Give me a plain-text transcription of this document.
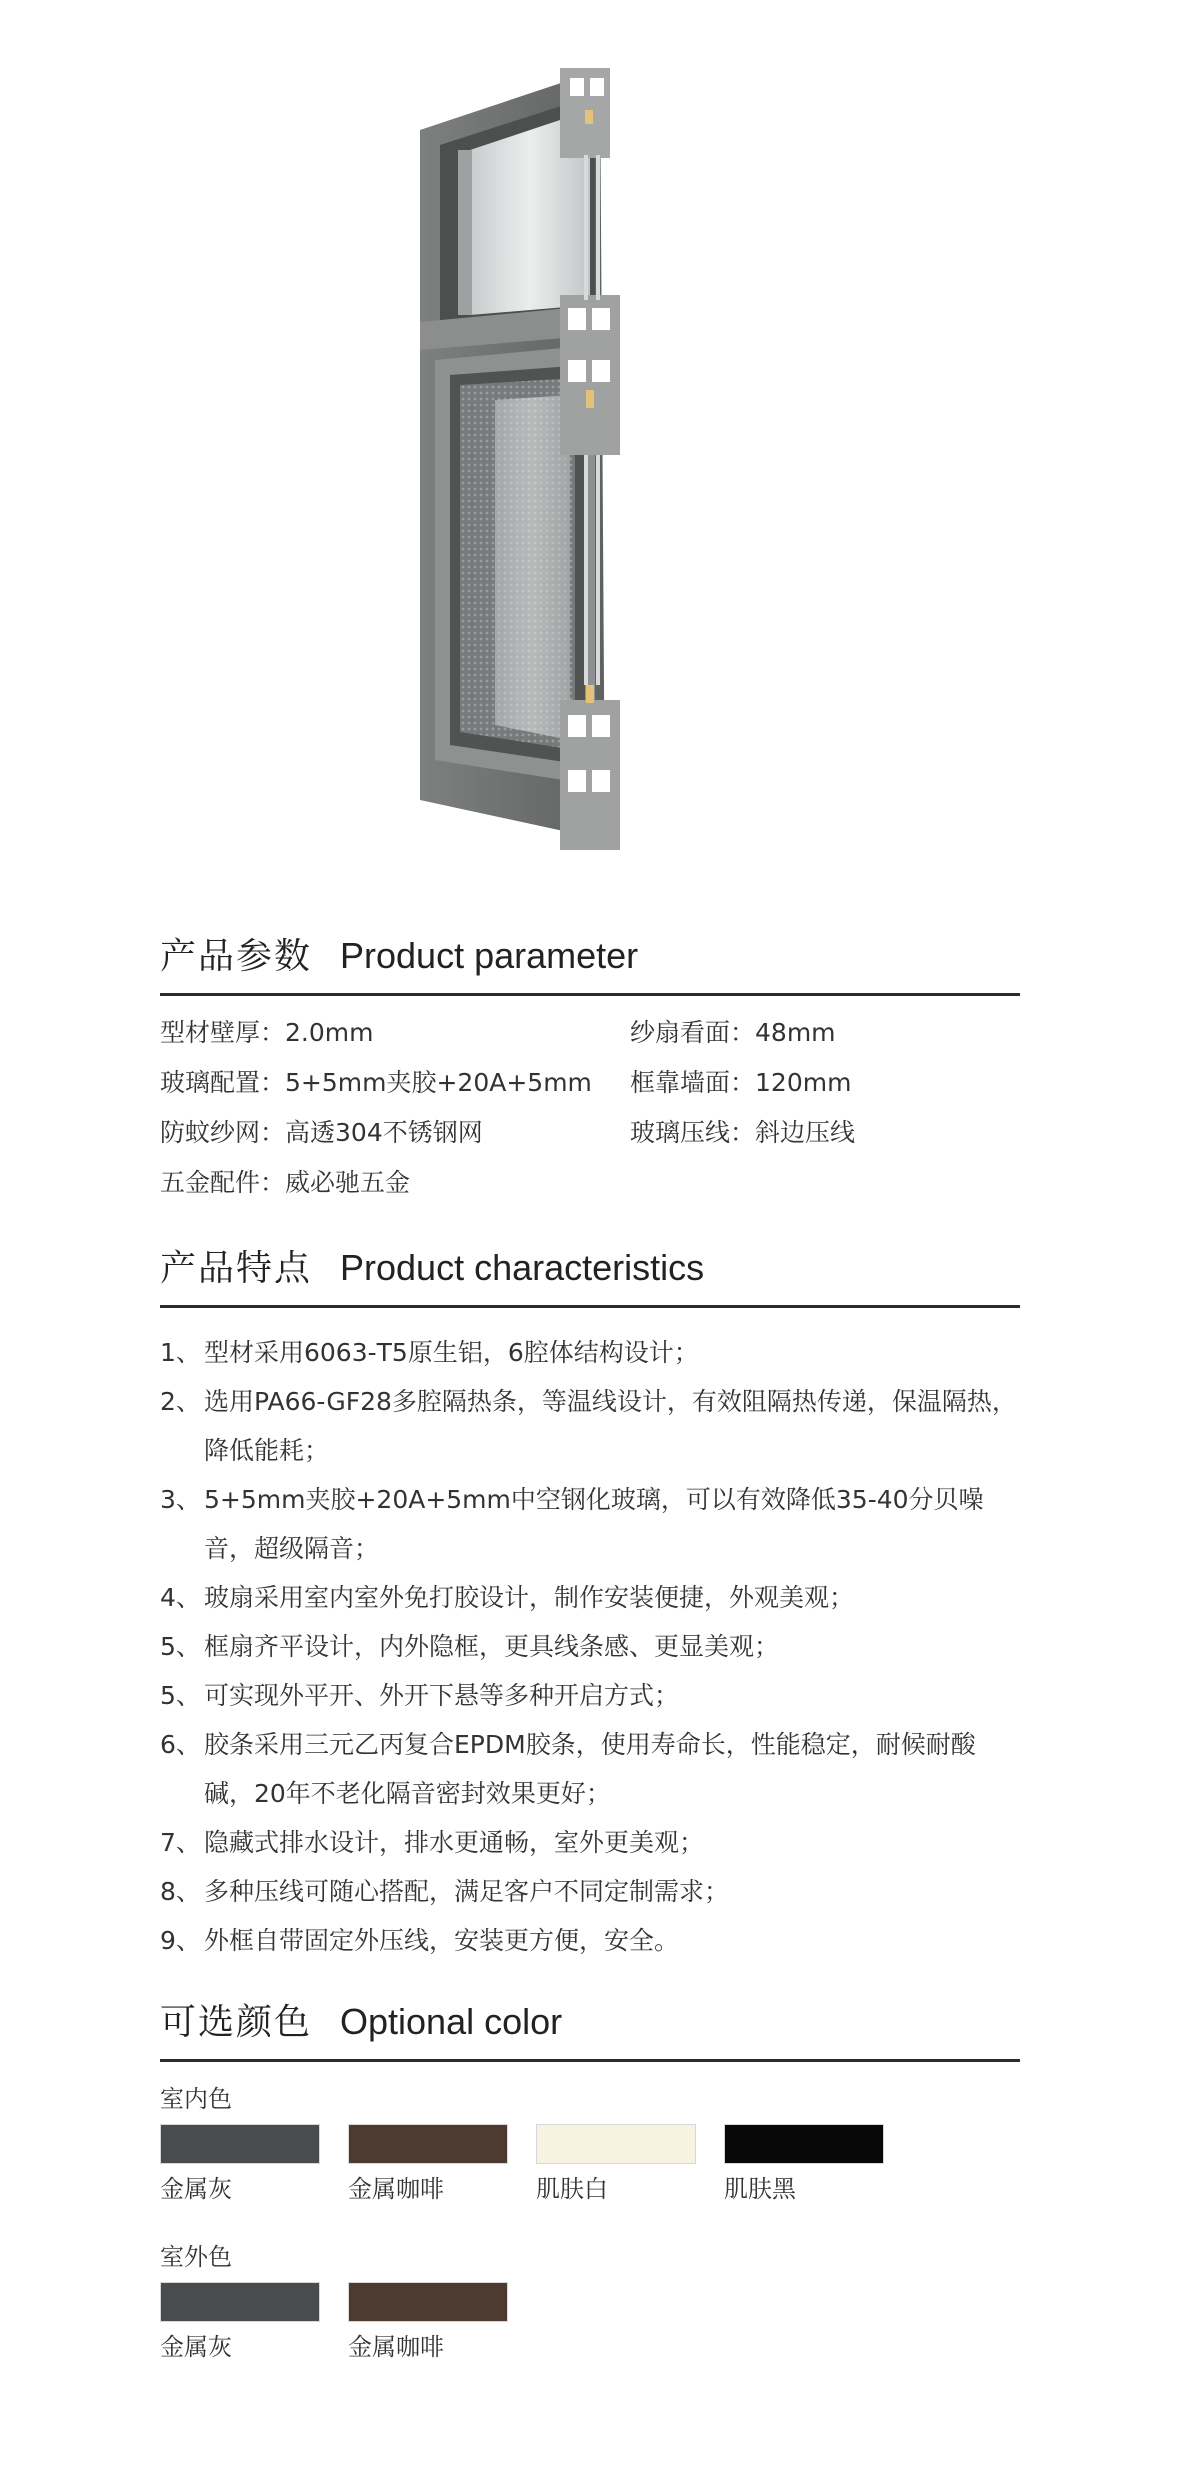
产品参数 Product parameter
型材壁厚：2.0mm	纱扇看面：48mm
玻璃配置：5+5mm夹胶+20A+5mm	框靠墙面：120mm
防蚊纱网：高透304不锈钢网	玻璃压线：斜边压线
五金配件：威必驰五金
产品特点 Product characteristics
1、 型材采用6063-T5原生铝，6腔体结构设计；
2、 选用PA66-GF28多腔隔热条，等温线设计，有效阻隔热传递，保温隔热，降低能耗；
3、 5+5mm夹胶+20A+5mm中空钢化玻璃，可以有效降低35-40分贝噪音，超级隔音；
4、 玻扇采用室内室外免打胶设计，制作安装便捷，外观美观；
5、 框扇齐平设计，内外隐框，更具线条感、更显美观；
5、 可实现外平开、外开下悬等多种开启方式；
6、 胶条采用三元乙丙复合EPDM胶条，使用寿命长，性能稳定，耐候耐酸碱，20年不老化隔音密封效果更好；
7、 隐藏式排水设计，排水更通畅，室外更美观；
8、 多种压线可随心搭配，满足客户不同定制需求；
9、 外框自带固定外压线，安装更方便，安全。
可选颜色 Optional color
室内色
金属灰	金属咖啡	肌肤白	肌肤黑
室外色
金属灰	金属咖啡
